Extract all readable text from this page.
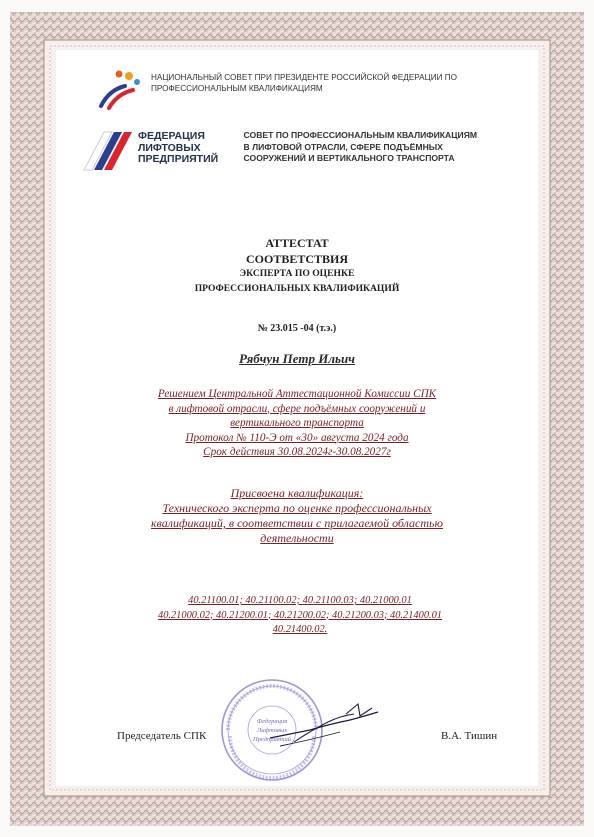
НАЦИОНАЛЬНЫЙ СОВЕТ ПРИ ПРЕЗИДЕНТЕ РОССИЙСКОЙ ФЕДЕРАЦИИ ПО ПРОФЕССИОНАЛЬНЫМ КВАЛИФИКАЦИЯМ
ФЕДЕРАЦИЯ
ЛИФТОВЫХ
ПРЕДПРИЯТИЙ
СОВЕТ ПО ПРОФЕССИОНАЛЬНЫМ КВАЛИФИКАЦИЯМ
В ЛИФТОВОЙ ОТРАСЛИ, СФЕРЕ ПОДЪЁМНЫХ
СООРУЖЕНИЙ И ВЕРТИКАЛЬНОГО ТРАНСПОРТА
АТТЕСТАТ
СООТВЕТСТВИЯ
ЭКСПЕРТА ПО ОЦЕНКЕ
ПРОФЕССИОНАЛЬНЫХ КВАЛИФИКАЦИЙ
№ 23.015 -04 (т.э.)
Рябчун Петр Ильич
Решением Центральной Аттестационной Комиссии СПК
в лифтовой отрасли, сфере подъёмных сооружений и
вертикального транспорта
Протокол № 110-Э от «30» августа 2024 года
Срок действия 30.08.2024г-30.08.2027г
Присвоена квалификация:
Технического эксперта по оценке профессиональных
квалификаций, в соответствии с прилагаемой областью
деятельности
40.21100.01; 40.21100.02; 40.21100.03; 40.21000.01
40.21000.02; 40.21200.01; 40.21200.02; 40.21200.03; 40.21400.01
40.21400.02.
Федерация
Лифтовых
Предприятий
Председатель СПК	В.А. Тишин
